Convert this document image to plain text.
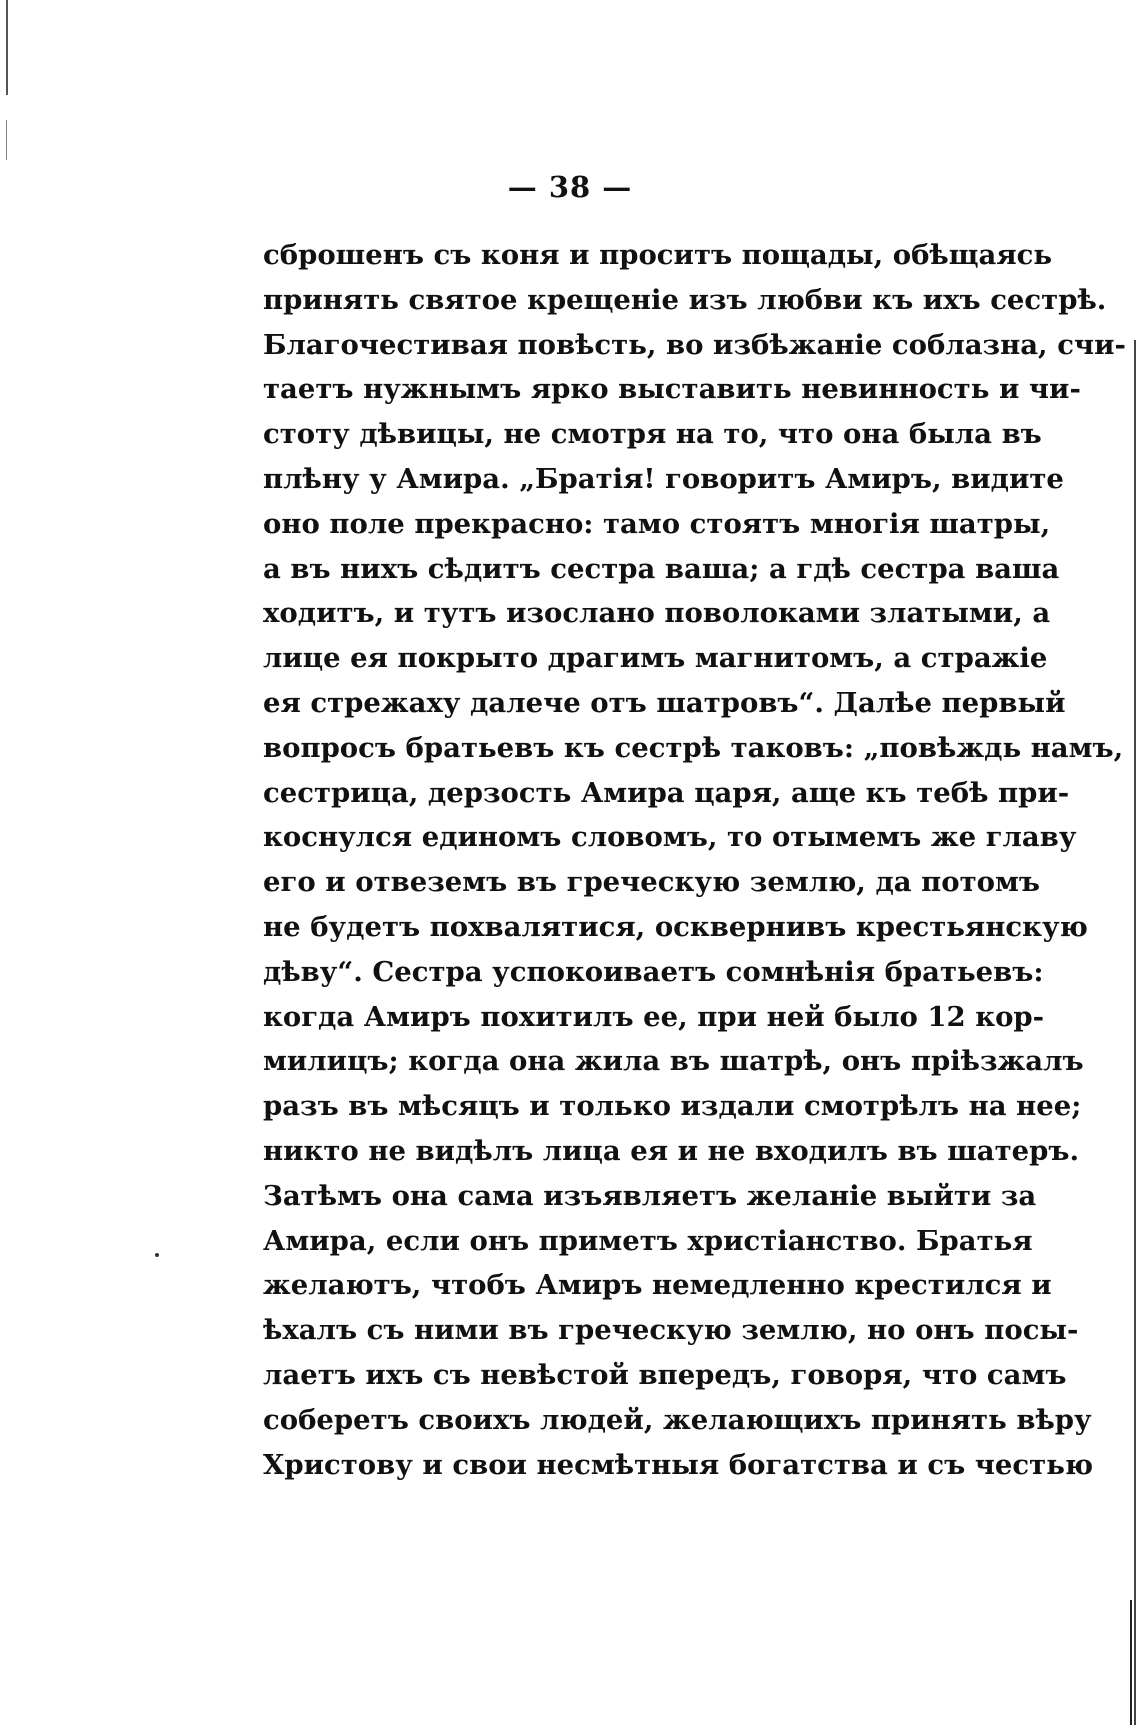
— 38 —
сброшенъ съ коня и проситъ пощады, обѣщаясь
принять святое крещеніе изъ любви къ ихъ сестрѣ.
Благочестивая повѣсть, во избѣжаніе соблазна, счи-
таетъ нужнымъ ярко выставить невинность и чи-
стоту дѣвицы, не смотря на то, что она была въ
плѣну у Амира. „Братія! говоритъ Амиръ, видите
оно поле прекрасно: тамо стоятъ многія шатры,
а въ нихъ сѣдитъ сестра ваша; а гдѣ сестра ваша
ходитъ, и тутъ изослано поволоками златыми, а
лице ея покрыто драгимъ магнитомъ, а стражіе
ея стрежаху далече отъ шатровъ“. Далѣе первый
вопросъ братьевъ къ сестрѣ таковъ: „повѣждь намъ,
сестрица, дерзость Амира царя, аще къ тебѣ при-
коснулся единомъ словомъ, то отымемъ же главу
его и отвеземъ въ греческую землю, да потомъ
не будетъ похвалятися, осквернивъ крестьянскую
дѣву“. Сестра успокоиваетъ сомнѣнія братьевъ:
когда Амиръ похитилъ ее, при ней было 12 кор-
милицъ; когда она жила въ шатрѣ, онъ пріѣзжалъ
разъ въ мѣсяцъ и только издали смотрѣлъ на нее;
никто не видѣлъ лица ея и не входилъ въ шатеръ.
Затѣмъ она сама изъявляетъ желаніе выйти за
Амира, если онъ приметъ христіанство. Братья
желаютъ, чтобъ Амиръ немедленно крестился и
ѣхалъ съ ними въ греческую землю, но онъ посы-
лаетъ ихъ съ невѣстой впередъ, говоря, что самъ
соберетъ своихъ людей, желающихъ принять вѣру
Христову и свои несмѣтныя богатства и съ честью
